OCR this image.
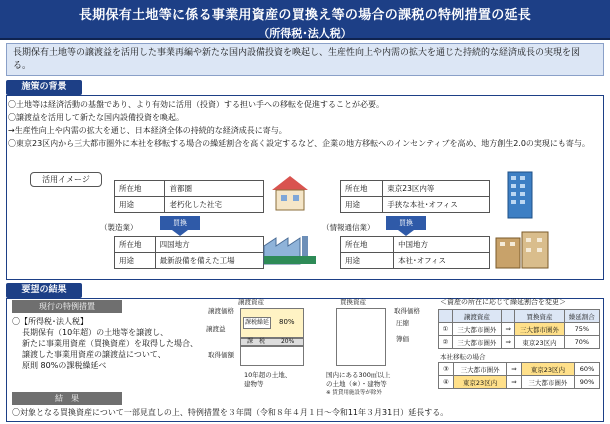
長期保有土地等に係る事業用資産の買換え等の場合の課税の特例措置の延長
（所得税･法人税）
長期保有土地等の譲渡益を活用した事業再編や新たな国内設備投資を喚起し、生産性向上や内需の拡大を通じた持続的な経済成長の実現を図る。
施策の背景
〇土地等は経済活動の基盤であり、より有効に活用（投資）する担い手への移転を促進することが必要。
〇譲渡益を活用して新たな国内設備投資を喚起。
→生産性向上や内需の拡大を通じ、日本経済全体の持続的な経済成長に寄与。
〇東京23区内から三大都市圏外に本社を移転する場合の繰延割合を高く設定するなど、企業の地方移転へのインセンティブを高め、地方創生2.0の実現にも寄与。
活用イメージ
所在地	首都圏
用途	老朽化した社宅
買換
（製造業）
所在地	四国地方
用途	最新設備を備えた工場
所在地	東京23区内等
用途	手狭な本社･オフィス
買換
（情報通信業）
所在地	中国地方
用途	本社･オフィス
要望の結果
現行の特例措置
〇【所得税･法人税】
長期保有（10年超）の土地等を譲渡し、
新たに事業用資産（買換資産）を取得した場合、
譲渡した事業用資産の譲渡益について、
原則 80%の課税繰延べ
譲渡資産	買換資産
譲渡価格	取得価格
譲渡益
取得価額
課税繰延 80%
課　税	20%
圧縮
簿価
10年超の土地、
建物等
国内にある300㎡以上
の土地（※）・建物等
※ 賃貸用施設等が除外
＜資産の所在に応じて繰延割合を変更＞
	譲渡資産		買換資産	繰延割合
①	三大都市圏外	⇒	三大都市圏外	75%
②	三大都市圏外	⇒	東京23区内	70%
本社移転の場合
③	三大都市圏外	⇒	東京23区内	60%
④	東京23区内	⇒	三大都市圏外	90%
結　果
〇対象となる買換資産について一部見直しの上、特例措置を３年間（令和８年４月１日～令和11年３月31日）延長する。
